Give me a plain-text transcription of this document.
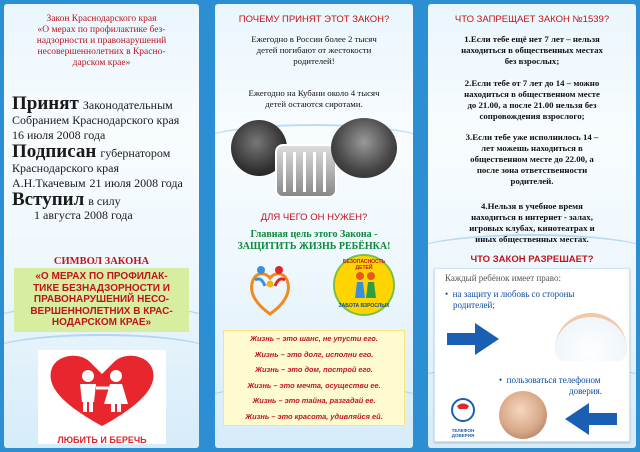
Закон Краснодарского края
«О мерах по профилактике без-
надзорности и правонарушений
несовершеннолетних в Красно-
дарском крае»
Принят Законодательным Собранием Краснодарского края 16 июля 2008 года
Подписан губернатором Краснодарского края А.Н.Ткачевым 21 июля 2008 года
Вступил в силу
1 августа 2008 года
СИМВОЛ ЗАКОНА
«О МЕРАХ ПО ПРОФИЛАК-
ТИКЕ БЕЗНАДЗОРНОСТИ И
ПРАВОНАРУШЕНИЙ НЕСО-
ВЕРШЕННОЛЕТНИХ В КРАС-
НОДАРСКОМ КРАЕ»
ЛЮБИТЬ И БЕРЕЧЬ
ПОЧЕМУ ПРИНЯТ ЭТОТ ЗАКОН?
Ежегодно в России более 2 тысяч
детей погибают от жестокости
родителей!
Ежегодно на Кубани около 4 тысяч
детей остаются сиротами.
ДЛЯ ЧЕГО ОН НУЖЕН?
Главная цель этого Закона -
ЗАЩИТИТЬ ЖИЗНЬ РЕБЁНКА!
БЕЗОПАСНОСТЬ ДЕТЕЙ
ЗАБОТА ВЗРОСЛЫХ
Жизнь – это шанс, не упусти его.
Жизнь – это долг, исполни его.
Жизнь – это дом, построй его.
Жизнь – это мечта, осуществи ее.
Жизнь – это тайна, разгадай ее.
Жизнь – это красота, удивляйся ей.
ЧТО ЗАПРЕЩАЕТ ЗАКОН №1539?
1.Если тебе ещё нет 7 лет – нельзя
находиться в общественных местах
без взрослых;
2.Если тебе от 7 лет до 14 – можно
находиться в общественном месте
до 21.00, а после 21.00 нельзя без
сопровождения взрослого;
3.Если тебе уже исполнилось 14 –
лет можешь находиться в
общественном месте до 22.00, а
после зона ответственности
родителей.
4.Нельзя в учебное время
находиться в интернет - залах,
игровых клубах, кинотеатрах и
иных общественных местах.
ЧТО ЗАКОН РАЗРЕШАЕТ?
Каждый ребёнок имеет право:
•  на защиту и любовь со стороны
родителей;
•  пользоваться телефоном
доверия.
ТЕЛЕФОН ДОВЕРИЯ
